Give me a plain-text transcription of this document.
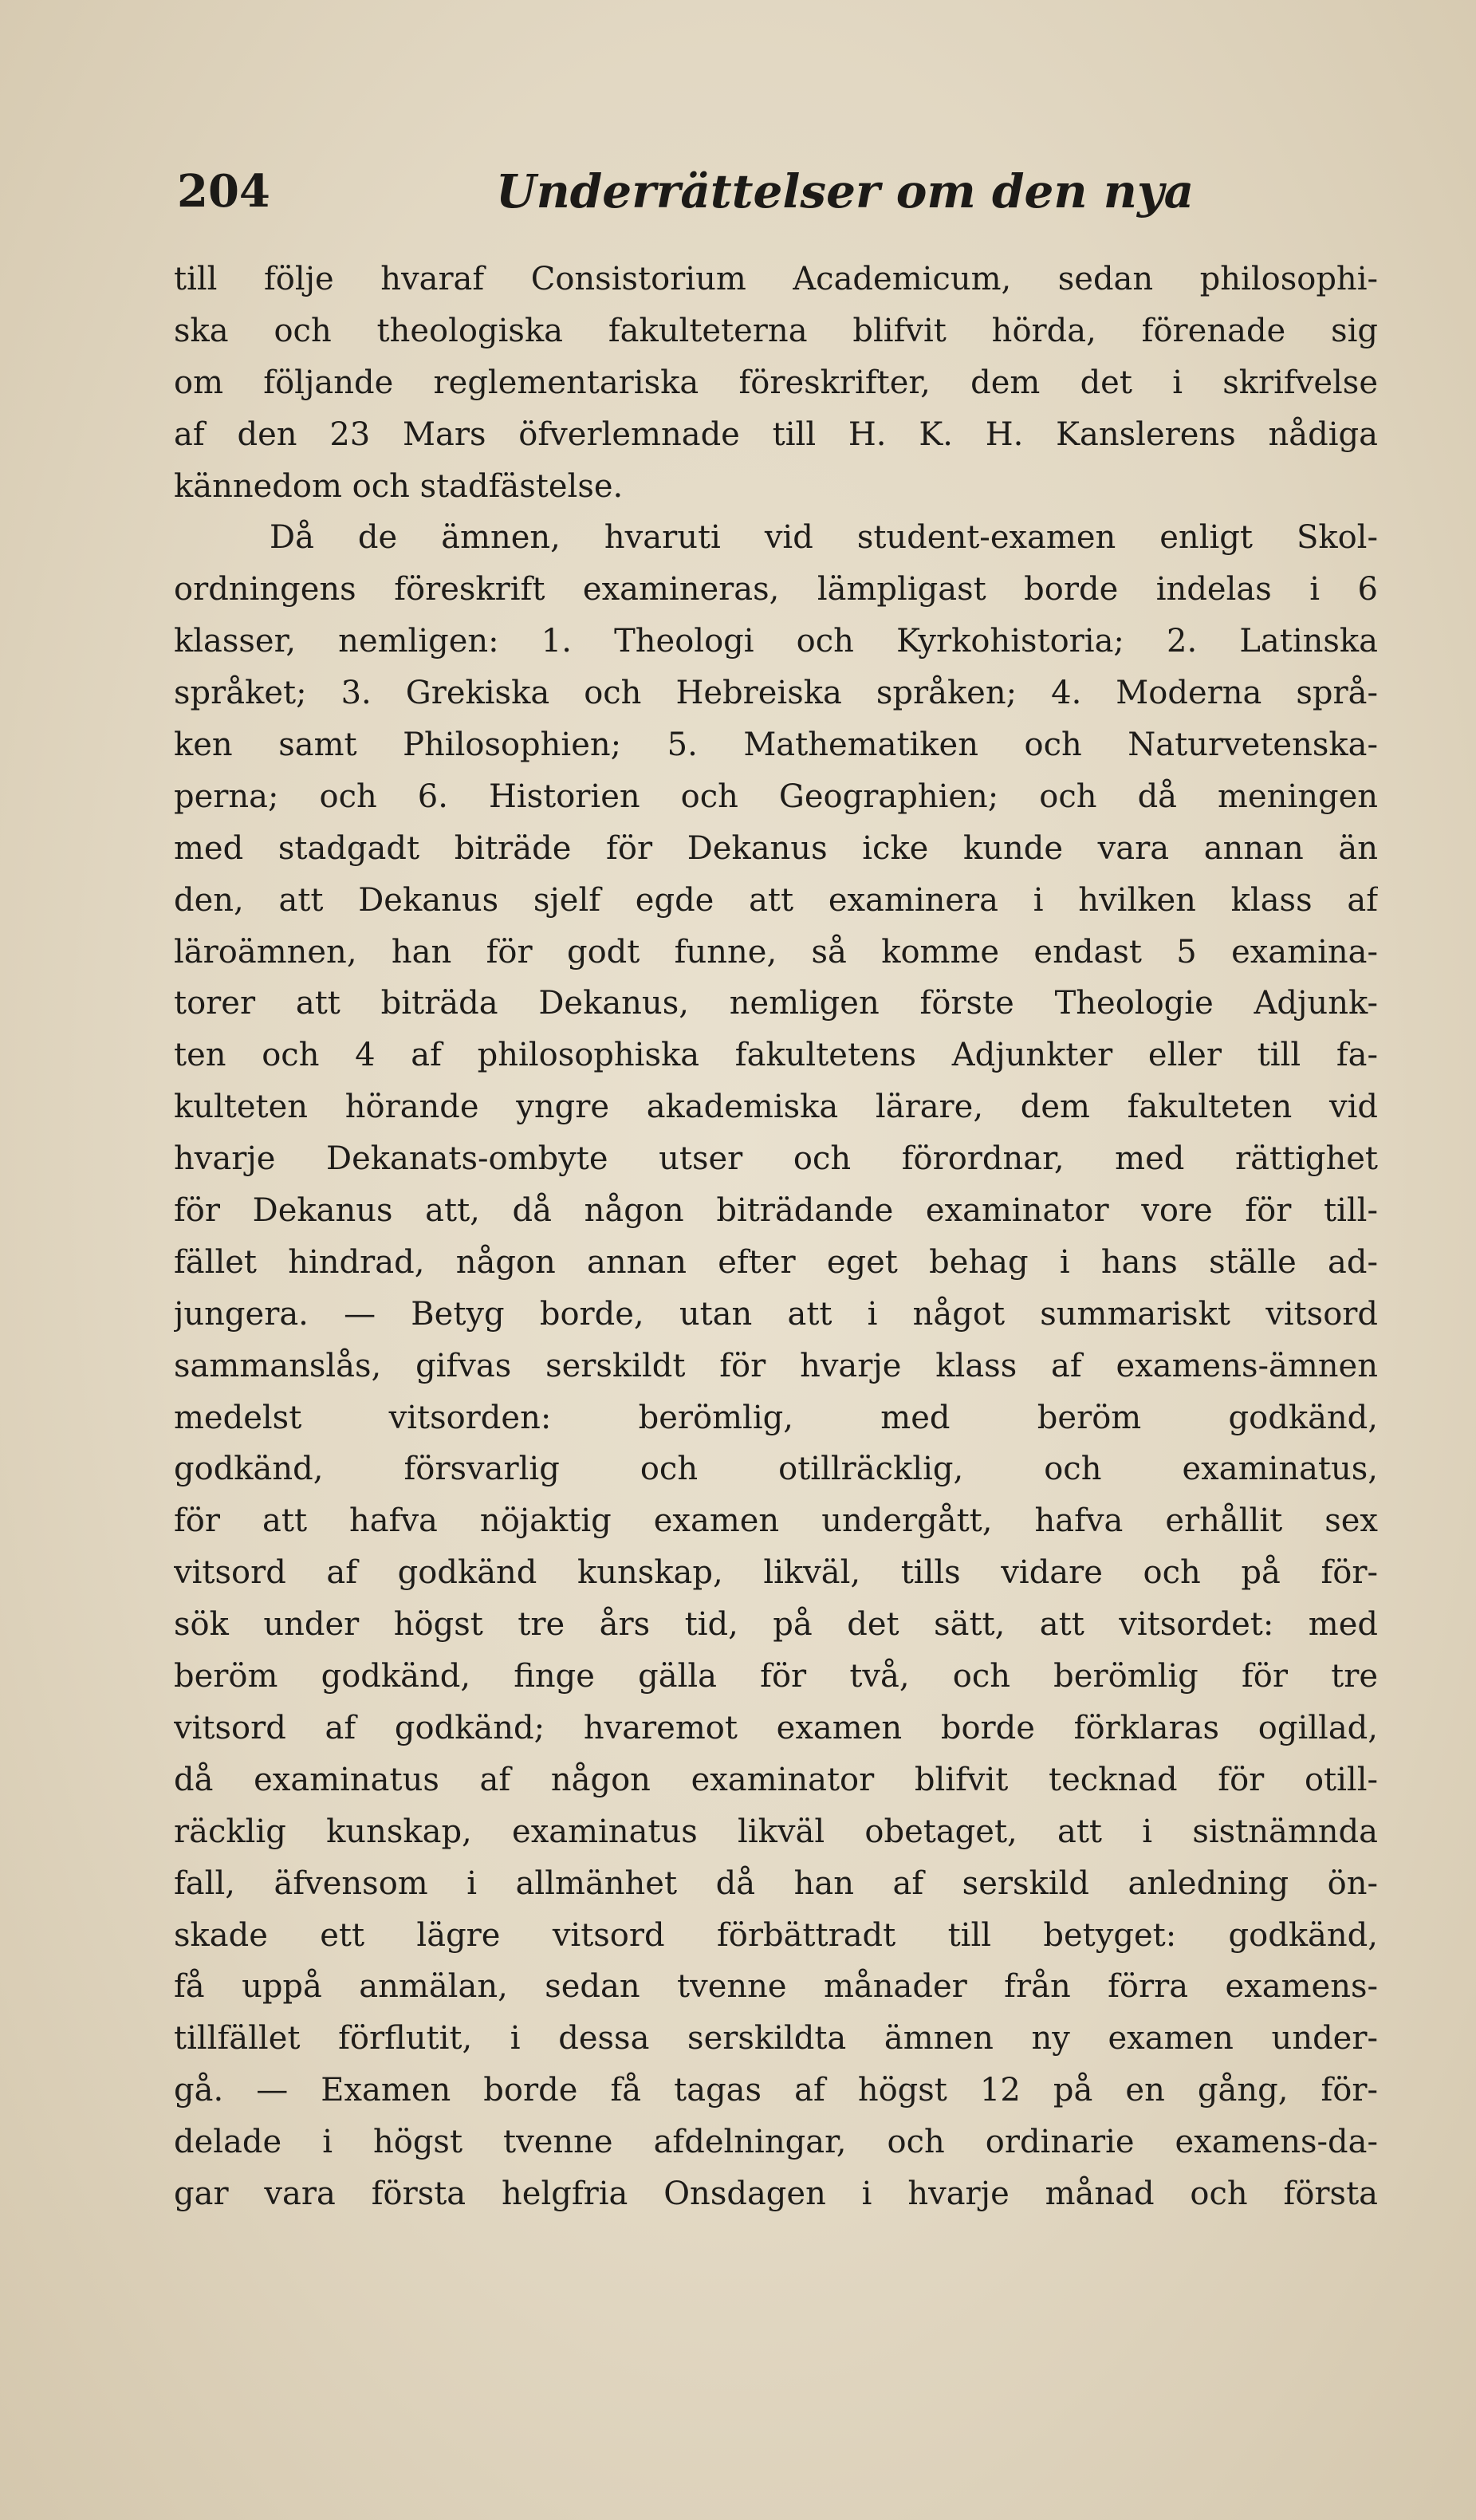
204	Underrättelser om den nya
till följe hvaraf Consistorium Academicum, sedan philosophi-
ska och theologiska fakulteterna blifvit hörda, förenade sig
om följande reglementariska föreskrifter, dem det i skrifvelse
af den 23 Mars öfverlemnade till H. K. H. Kanslerens nådiga
kännedom och stadfästelse.
Då de ämnen, hvaruti vid student-examen enligt Skol-
ordningens föreskrift examineras, lämpligast borde indelas i 6
klasser, nemligen: 1. Theologi och Kyrkohistoria; 2. Latinska
språket; 3. Grekiska och Hebreiska språken; 4. Moderna språ-
ken samt Philosophien; 5. Mathematiken och Naturvetenska-
perna; och 6. Historien och Geographien; och då meningen
med stadgadt biträde för Dekanus icke kunde vara annan än
den, att Dekanus sjelf egde att examinera i hvilken klass af
läroämnen, han för godt funne, så komme endast 5 examina-
torer att biträda Dekanus, nemligen förste Theologie Adjunk-
ten och 4 af philosophiska fakultetens Adjunkter eller till fa-
kulteten hörande yngre akademiska lärare, dem fakulteten vid
hvarje Dekanats-ombyte utser och förordnar, med rättighet
för Dekanus att, då någon biträdande examinator vore för till-
fället hindrad, någon annan efter eget behag i hans ställe ad-
jungera. — Betyg borde, utan att i något summariskt vitsord
sammanslås, gifvas serskildt för hvarje klass af examens-ämnen
medelst vitsorden: berömlig, med beröm godkänd,
godkänd, försvarlig och otillräcklig, och examinatus,
för att hafva nöjaktig examen undergått, hafva erhållit sex
vitsord af godkänd kunskap, likväl, tills vidare och på för-
sök under högst tre års tid, på det sätt, att vitsordet: med
beröm godkänd, finge gälla för två, och berömlig för tre
vitsord af godkänd; hvaremot examen borde förklaras ogillad,
då examinatus af någon examinator blifvit tecknad för otill-
räcklig kunskap, examinatus likväl obetaget, att i sistnämnda
fall, äfvensom i allmänhet då han af serskild anledning ön-
skade ett lägre vitsord förbättradt till betyget: godkänd,
få uppå anmälan, sedan tvenne månader från förra examens-
tillfället förflutit, i dessa serskildta ämnen ny examen under-
gå. — Examen borde få tagas af högst 12 på en gång, för-
delade i högst tvenne afdelningar, och ordinarie examens-da-
gar vara första helgfria Onsdagen i hvarje månad och första
